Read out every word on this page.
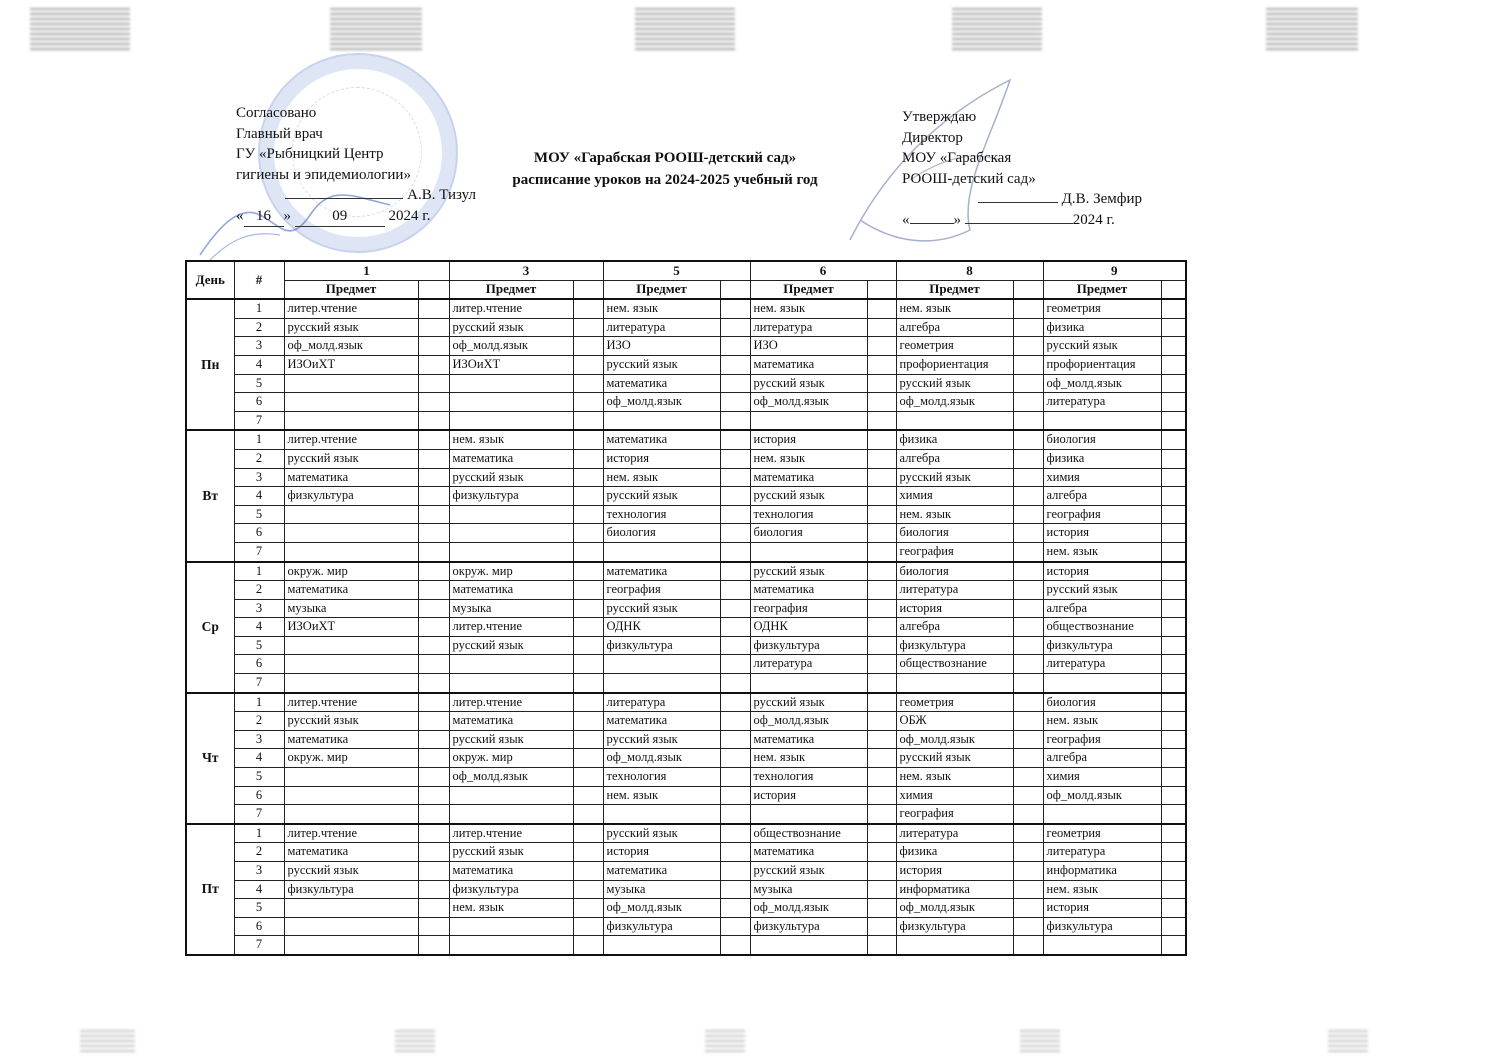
Согласовано
Главный врач
ГУ «Рыбницкий Центр
гигиены и эпидемиологии»
А.В. Тизул
« 16 »	09	2024 г.
МОУ «Гарабская РООШ-детский сад»
расписание уроков на 2024-2025 учебный год
Утверждаю
Директор
МОУ «Гарабская
РООШ-детский сад»
Д.В. Земфир
«	»	2024 г.
День	#	1		3		5		6		8		9	
		Предмет		Предмет		Предмет		Предмет		Предмет		Предмет	
Пн	1	литер.чтение		литер.чтение		нем. язык		нем. язык		нем. язык		геометрия	
	2	русский язык		русский язык		литература		литература		алгебра		физика	
	3	оф_молд.язык		оф_молд.язык		ИЗО		ИЗО		геометрия		русский язык	
	4	ИЗОиХТ		ИЗОиХТ		русский язык		математика		профориентация		профориентация	
	5					математика		русский язык		русский язык		оф_молд.язык	
	6					оф_молд.язык		оф_молд.язык		оф_молд.язык		литература	
	7												
Вт	1	литер.чтение		нем. язык		математика		история		физика		биология	
	2	русский язык		математика		история		нем. язык		алгебра		физика	
	3	математика		русский язык		нем. язык		математика		русский язык		химия	
	4	физкультура		физкультура		русский язык		русский язык		химия		алгебра	
	5					технология		технология		нем. язык		география	
	6					биология		биология		биология		история	
	7									география		нем. язык	
Ср	1	окруж. мир		окруж. мир		математика		русский язык		биология		история	
	2	математика		математика		география		математика		литература		русский язык	
	3	музыка		музыка		русский язык		география		история		алгебра	
	4	ИЗОиХТ		литер.чтение		ОДНК		ОДНК		алгебра		обществознание	
	5			русский язык		физкультура		физкультура		физкультура		физкультура	
	6							литература		обществознание		литература	
	7												
Чт	1	литер.чтение		литер.чтение		литература		русский язык		геометрия		биология	
	2	русский язык		математика		математика		оф_молд.язык		ОБЖ		нем. язык	
	3	математика		русский язык		русский язык		математика		оф_молд.язык		география	
	4	окруж. мир		окруж. мир		оф_молд.язык		нем. язык		русский язык		алгебра	
	5			оф_молд.язык		технология		технология		нем. язык		химия	
	6					нем. язык		история		химия		оф_молд.язык	
	7									география			
Пт	1	литер.чтение		литер.чтение		русский язык		обществознание		литература		геометрия	
	2	математика		русский язык		история		математика		физика		литература	
	3	русский язык		математика		математика		русский язык		история		информатика	
	4	физкультура		физкультура		музыка		музыка		информатика		нем. язык	
	5			нем. язык		оф_молд.язык		оф_молд.язык		оф_молд.язык		история	
	6					физкультура		физкультура		физкультура		физкультура	
	7												
